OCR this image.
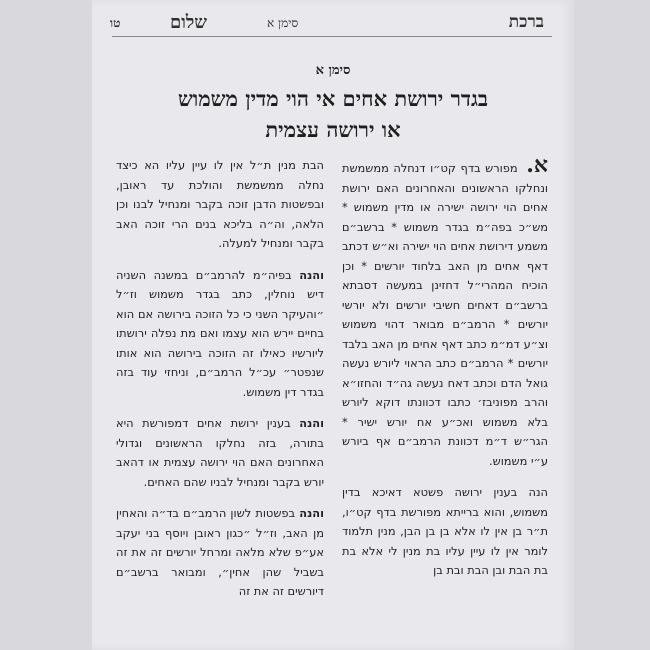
ברכת
סימן א
שלום
טו
סימן א
בגדר ירושת אחים אי הוי מדין משמוש
או ירושה עצמית

א. מפורש בדף קט״ו דנחלה ממשמשת ונחלקו הראשונים והאחרונים האם ירושת אחים הוי ירושה ישירה או מדין משמוש * מש״כ בפה״מ בגדר משמוש * ברשב״ם משמע דירושת אחים הוי ישירה וא״ש דכתב דאף אחים מן האב בלחוד יורשים * וכן הוכיח המהרי״ל דחזינן במעשה דסבתא ברשב״ם דאחים חשיבי יורשים ולא יורשי יורשים * הרמב״ם מבואר דהוי משמוש וצ״ע דמ״מ כתב דאף אחים מן האב בלבד יורשים * הרמב״ם כתב הראוי ליורש נעשה גואל הדם וכתב דאח נעשה גה״ד והחזו״א והרב מפוניבז׳ כתבו דכוונתו דוקא ליורש בלא משמוש ואכ״ע אח יורש ישיר * הגר״ש ד״מ דכוונת הרמב״ם אף ביורש ע״י משמוש.

הנה בענין ירושה פשטא דאיכא בדין משמוש, והוא ברייתא מפורשת בדף קט״ו, ת״ר בן אין לו אלא בן בן הבן, מנין תלמוד לומר אין לו עיין עליו בת מנין לי אלא בת בת הבת ובן הבת ובת בן

הבת מנין ת״ל אין לו עיין עליו הא כיצד נחלה ממשמשת והולכת עד ראובן, ובפשטות הדבן זוכה בקבר ומנחיל לבנו וכן הלאה, וה״ה בליכא בנים הרי זוכה האב בקבר ומנחיל למעלה.

והנה בפיה״מ להרמב״ם במשנה השניה דיש נוחלין, כתב בגדר משמוש וז״ל ״והעיקר השני כי כל הזוכה בירושה אם הוא בחיים יירש הוא עצמו ואם מת נפלה ירושתו ליורשיו כאילו זה הזוכה בירושה הוא אותו שנפטר״ עכ״ל הרמב״ם, וניחזי עוד בזה בגדר דין משמוש.

והנה בענין ירושת אחים דמפורשת היא בתורה, בזה נחלקו הראשונים וגדולי האחרונים האם הוי ירושה עצמית או דהאב יורש בקבר ומנחיל לבניו שהם האחים.

והנה בפשטות לשון הרמב״ם בד״ה והאחין מן האב, וז״ל ״כגון ראובן ויוסף בני יעקב אע״פ שלא מלאה ומרחל יורשים זה את זה בשביל שהן אחין״, ומבואר ברשב״ם דיורשים זה את זה
